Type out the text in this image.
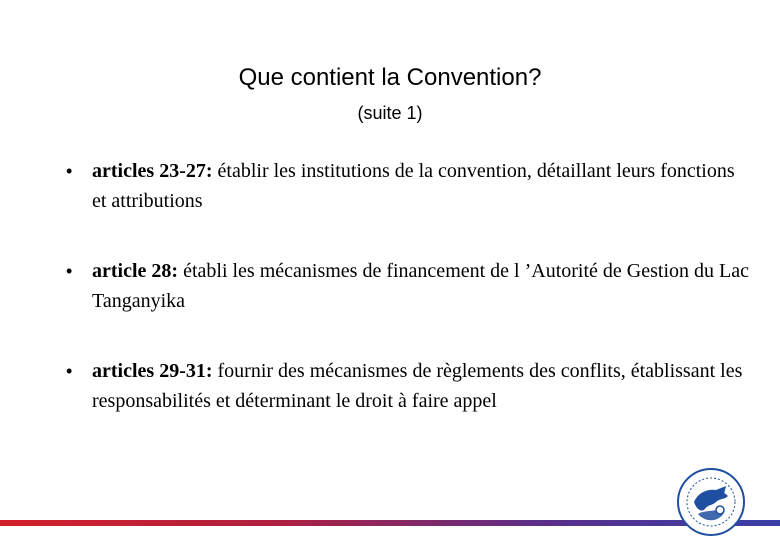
Que contient la Convention?
(suite 1)
• articles 23-27: établir les institutions de la convention, détaillant leurs fonctions et attributions
• article 28: établi les mécanismes de financement de l ’Autorité de Gestion du Lac Tanganyika
• articles 29-31: fournir des mécanismes de règlements des conflits, établissant les responsabilités et déterminant le droit à faire appel
